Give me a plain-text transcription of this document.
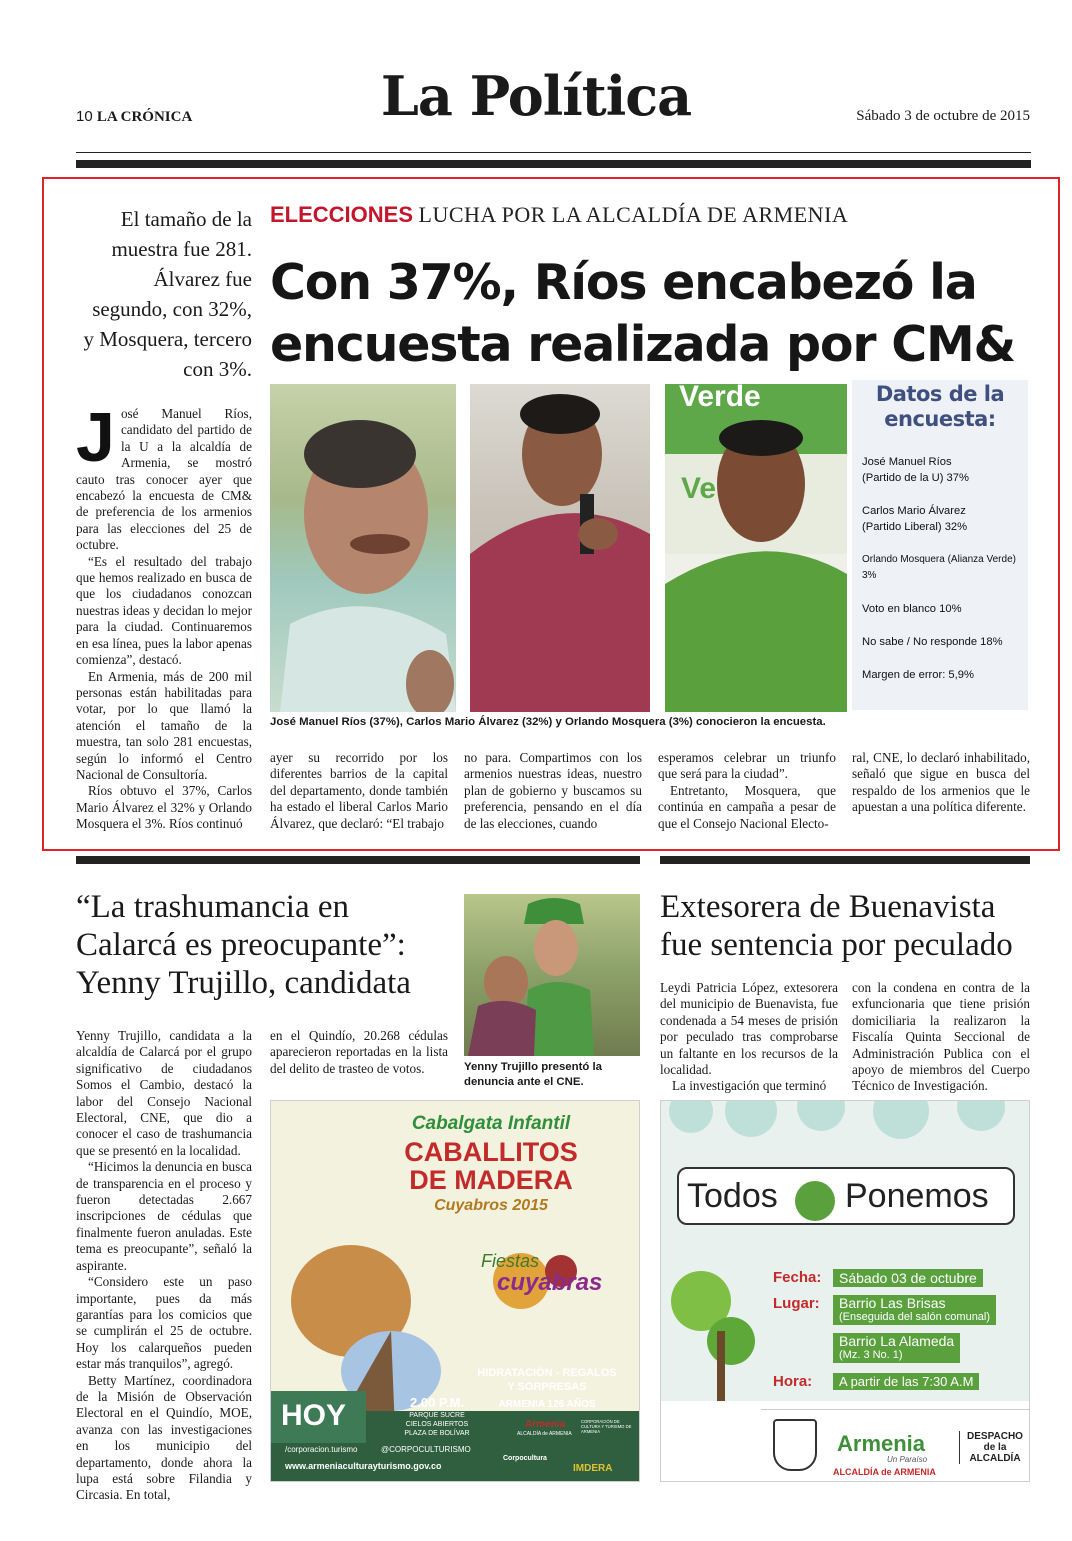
10 LA CRÓNICA	La Política	Sábado 3 de octubre de 2015
El tamaño de la muestra fue 281. Álvarez fue segundo, con 32%, y Mosquera, tercero con 3%.
ELECCIONES LUCHA POR LA ALCALDÍA DE ARMENIA
Con 37%, Ríos encabezó la
encuesta realizada por CM&

José Manuel Ríos, candidato del partido de la U a la alcaldía de Armenia, se mostró cauto tras conocer ayer que encabezó la encuesta de CM& de preferencia de los armenios para las elecciones del 25 de octubre.

“Es el resultado del trabajo que hemos realizado en busca de que los ciudadanos conozcan nuestras ideas y decidan lo mejor para la ciudad. Continuaremos en esa línea, pues la labor apenas comienza”, destacó.

En Armenia, más de 200 mil personas están habilitadas para votar, por lo que llamó la atención el tamaño de la muestra, tan solo 281 encuestas, según lo informó el Centro Nacional de Consultoría.

Ríos obtuvo el 37%, Carlos Mario Álvarez el 32% y Orlando Mosquera el 3%. Ríos continuó

Verde
Ve
José Manuel Ríos (37%), Carlos Mario Álvarez (32%) y Orlando Mosquera (3%) conocieron la encuesta.
Datos de la
encuesta:
José Manuel Ríos
(Partido de la U) 37%
Carlos Mario Álvarez
(Partido Liberal) 32%
Orlando Mosquera (Alianza Verde) 3%
Voto en blanco 10%
No sabe / No responde 18%
Margen de error: 5,9%

ayer su recorrido por los diferentes barrios de la capital del departamento, donde también ha estado el liberal Carlos Mario Álvarez, que declaró: “El trabajo

no para. Compartimos con los armenios nuestras ideas, nuestro plan de gobierno y buscamos su preferencia, pensando en el día de las elecciones, cuando

esperamos celebrar un triunfo que será para la ciudad”.

Entretanto, Mosquera, que continúa en campaña a pesar de que el Consejo Nacional Electo-

ral, CNE, lo declaró inhabilitado, señaló que sigue en busca del respaldo de los armenios que le apuestan a una política diferente.

“La trashumancia en Calarcá es preocupante”: Yenny Trujillo, candidata
Yenny Trujillo presentó la denuncia ante el CNE.

Yenny Trujillo, candidata a la alcaldía de Calarcá por el grupo significativo de ciudadanos Somos el Cambio, destacó la labor del Consejo Nacional Electoral, CNE, que dio a conocer el caso de trashumancia que se presentó en la localidad.

“Hicimos la denuncia en busca de transparencia en el proceso y fueron detectadas 2.667 inscripciones de cédulas que finalmente fueron anuladas. Este tema es preocupante”, señaló la aspirante.

“Considero este un paso importante, pues da más garantías para los comicios que se cumplirán el 25 de octubre. Hoy los calarqueños pueden estar más tranquilos”, agregó.

Betty Martínez, coordinadora de la Misión de Observación Electoral en el Quindío, MOE, avanza con las investigaciones en los municipio del departamento, donde ahora la lupa está sobre Filandia y Circasia. En total,

en el Quindío, 20.268 cédulas aparecieron reportadas en la lista del delito de trasteo de votos.

Extesorera de Buenavista fue sentencia por peculado

Leydi Patricia López, extesorera del municipio de Buenavista, fue condenada a 54 meses de prisión por peculado tras comprobarse un faltante en los recursos de la localidad.

La investigación que terminó

con la condena en contra de la exfuncionaria que tiene prisión domiciliaria la realizaron la Fiscalía Quinta Seccional de Administración Publica con el apoyo de miembros del Cuerpo Técnico de Investigación.

Cabalgata Infantil
CABALLITOS
DE MADERA
Cuyabros 2015
Fiestas
cuyabras
HIDRATACIÓN - REGALOS
Y SORPRESAS
HOY	2.00 P.M.
PARQUE SUCRE
CIELOS ABIERTOS
PLAZA DE BOLÍVAR
ARMENIA 126 AÑOS
Armenia
ALCALDÍA de ARMENIA
CORPORACIÓN DE CULTURA Y TURISMO DE ARMENIA
Corpocultura
IMDERA
/corporacion.turismo	@CORPOCULTURISMO
www.armeniaculturayturismo.gov.co
Todos Ponemos
Fecha:	Sábado 03 de octubre
Lugar: Barrio Las Brisas
(Enseguida del salón comunal)
Barrio La Alameda
(Mz. 3 No. 1)
Hora:	A partir de las 7:30 A.M
Armenia
Un Paraíso
ALCALDÍA de ARMENIA
DESPACHO
de la
ALCALDÍA
